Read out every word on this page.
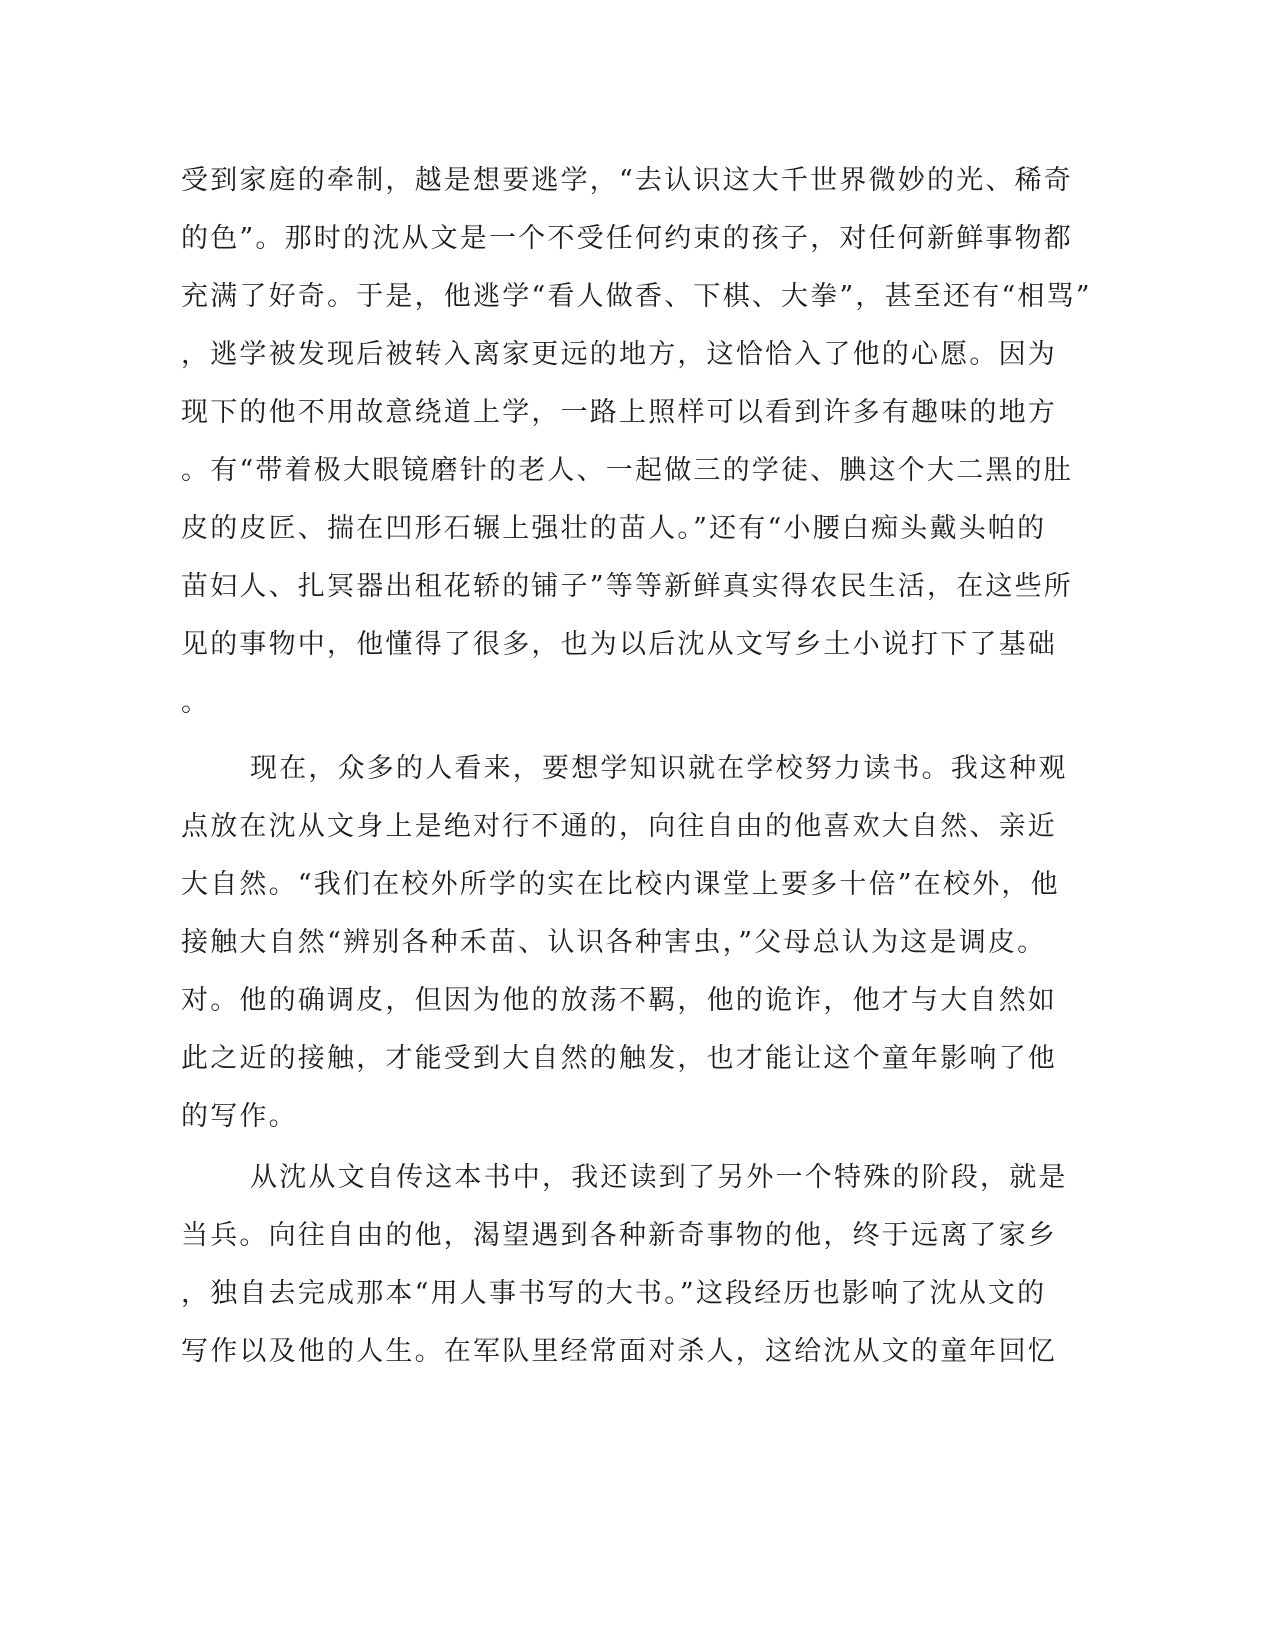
受到家庭的牵制，越是想要逃学，“去认识这大千世界微妙的光、稀奇
的色”。那时的沈从文是一个不受任何约束的孩子，对任何新鲜事物都
充满了好奇。于是，他逃学“看人做香、下棋、大拳”，甚至还有“相骂”
，逃学被发现后被转入离家更远的地方，这恰恰入了他的心愿。因为
现下的他不用故意绕道上学，一路上照样可以看到许多有趣味的地方
。有“带着极大眼镜磨针的老人、一起做三的学徒、腆这个大二黑的肚
皮的皮匠、揣在凹形石辗上强壮的苗人。”还有“小腰白痴头戴头帕的
苗妇人、扎冥器出租花轿的铺子”等等新鲜真实得农民生活，在这些所
见的事物中，他懂得了很多，也为以后沈从文写乡土小说打下了基础
。
现在，众多的人看来，要想学知识就在学校努力读书。我这种观
点放在沈从文身上是绝对行不通的，向往自由的他喜欢大自然、亲近
大自然。“我们在校外所学的实在比校内课堂上要多十倍”在校外，他
接触大自然“辨别各种禾苗、认识各种害虫，”父母总认为这是调皮。
对。他的确调皮，但因为他的放荡不羁，他的诡诈，他才与大自然如
此之近的接触，才能受到大自然的触发，也才能让这个童年影响了他
的写作。
从沈从文自传这本书中，我还读到了另外一个特殊的阶段，就是
当兵。向往自由的他，渴望遇到各种新奇事物的他，终于远离了家乡
，独自去完成那本“用人事书写的大书。”这段经历也影响了沈从文的
写作以及他的人生。在军队里经常面对杀人，这给沈从文的童年回忆
